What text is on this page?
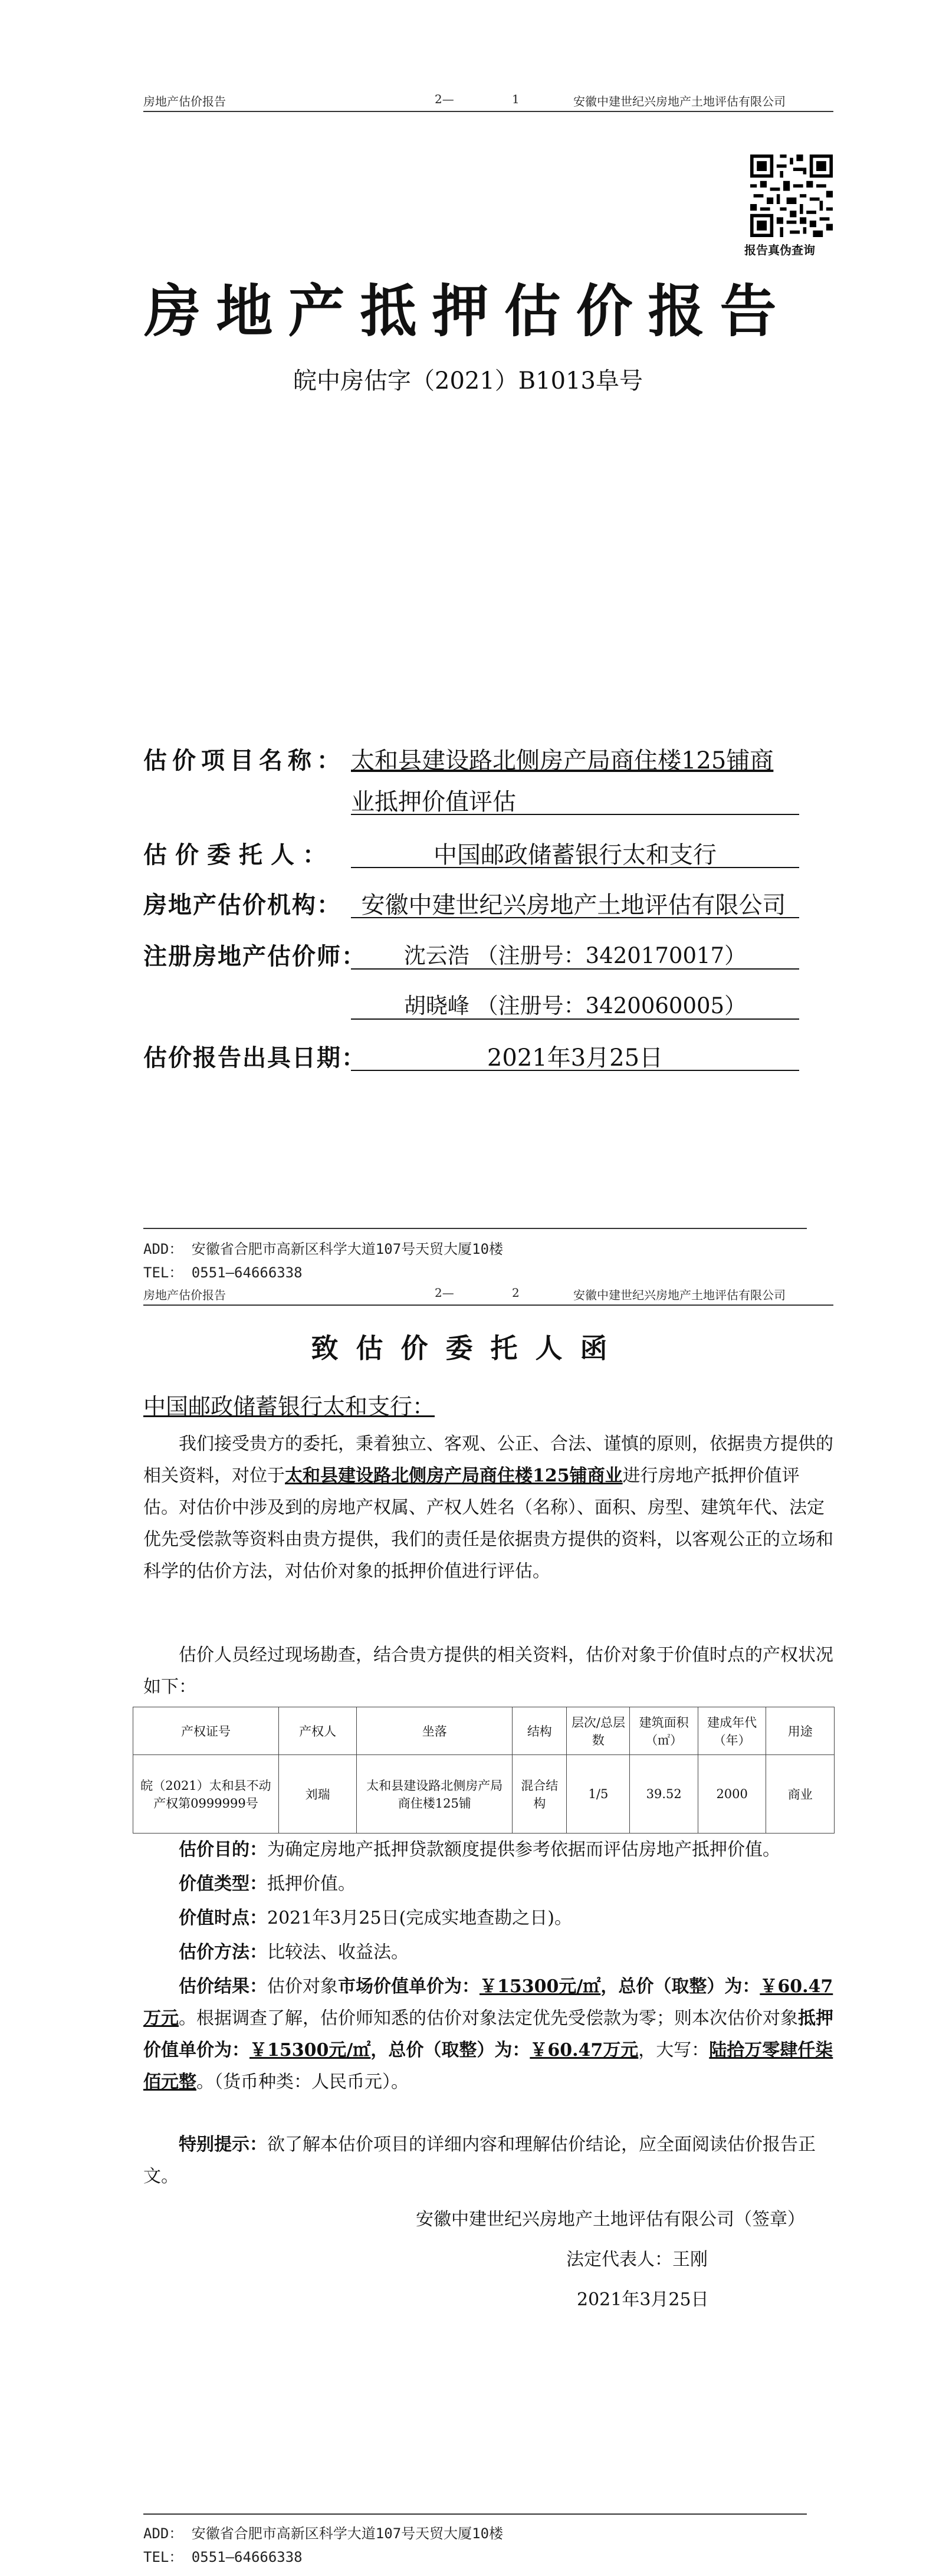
房地产估价报告	2—	1	安徽中建世纪兴房地产土地评估有限公司
报告真伪查询
房地产抵押估价报告
皖中房估字（2021）B1013阜号
估价项目名称： 太和县建设路北侧房产局商住楼125铺商
业抵押价值评估
估价委托人：	中国邮政储蓄银行太和支行
房地产估价机构： 安徽中建世纪兴房地产土地评估有限公司
注册房地产估价师：	沈云浩 （注册号：3420170017）
胡晓峰 （注册号：3420060005）
估价报告出具日期：	2021年3月25日
ADD： 安徽省合肥市高新区科学大道107号天贸大厦10楼
TEL： 0551—64666338
房地产估价报告	2—	2	安徽中建世纪兴房地产土地评估有限公司
致估价委托人函
中国邮政储蓄银行太和支行：
我们接受贵方的委托，秉着独立、客观、公正、合法、谨慎的原则，依据贵方提供的相关资料，对位于太和县建设路北侧房产局商住楼125铺商业进行房地产抵押价值评估。对估价中涉及到的房地产权属、产权人姓名（名称）、面积、房型、建筑年代、法定优先受偿款等资料由贵方提供，我们的责任是依据贵方提供的资料，以客观公正的立场和科学的估价方法，对估价对象的抵押价值进行评估。
估价人员经过现场勘查，结合贵方提供的相关资料，估价对象于价值时点的产权状况如下：
产权证号	产权人	坐落	结构	层次/总层数	建筑面积（㎡）	建成年代（年）	用途
皖（2021）太和县不动产权第0999999号	刘瑞	太和县建设路北侧房产局商住楼125铺	混合结构	1/5	39.52	2000	商业
估价目的：为确定房地产抵押贷款额度提供参考依据而评估房地产抵押价值。
价值类型：抵押价值。
价值时点：2021年3月25日(完成实地查勘之日)。
估价方法：比较法、收益法。
估价结果：估价对象市场价值单价为：￥15300元/㎡，总价（取整）为：￥60.47万元。根据调查了解，估价师知悉的估价对象法定优先受偿款为零；则本次估价对象抵押价值单价为：￥15300元/㎡，总价（取整）为：￥60.47万元，大写：陆拾万零肆仟柒佰元整。（货币种类：人民币元）。
特别提示：欲了解本估价项目的详细内容和理解估价结论，应全面阅读估价报告正文。
安徽中建世纪兴房地产土地评估有限公司（签章）
法定代表人：王刚
2021年3月25日
ADD： 安徽省合肥市高新区科学大道107号天贸大厦10楼
TEL： 0551—64666338
